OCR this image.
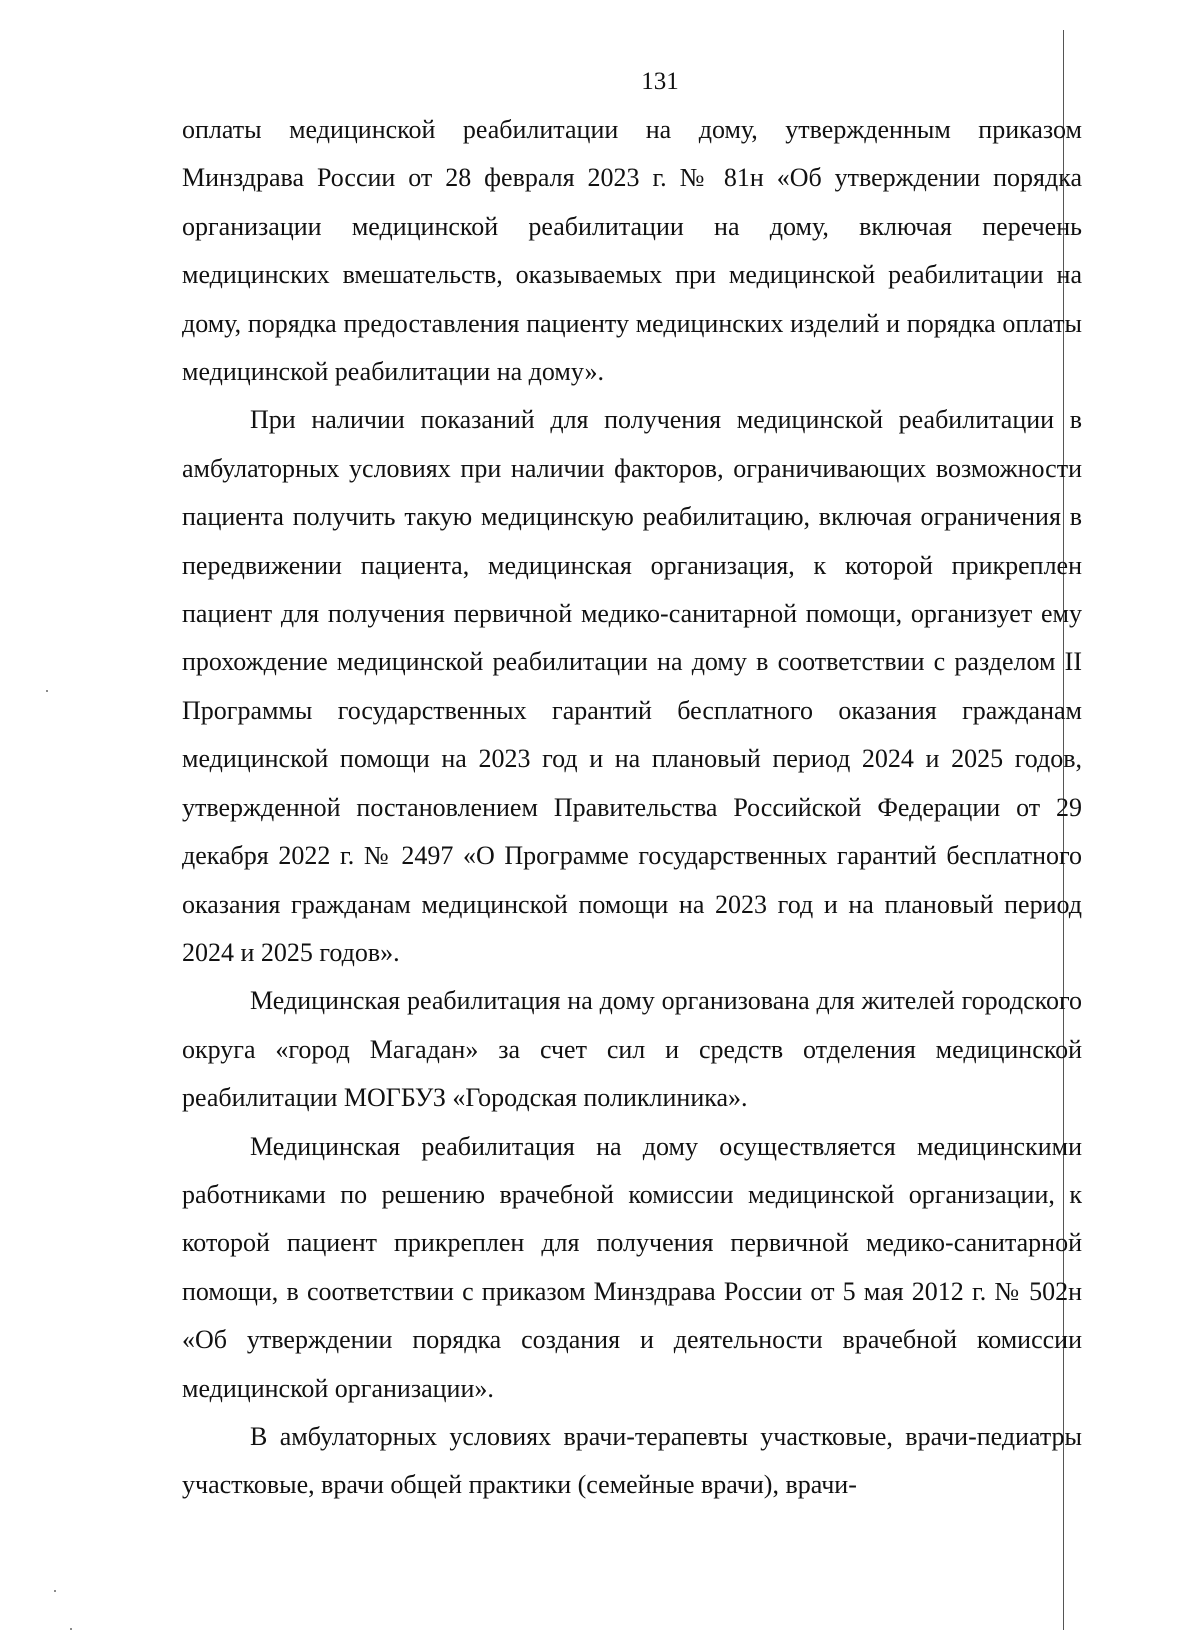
131

оплаты медицинской реабилитации на дому, утвержденным приказом Минздрава России от 28 февраля 2023 г. № 81н «Об утверждении порядка организации медицинской реабилитации на дому, включая перечень медицинских вмешательств, оказываемых при медицинской реабилитации на дому, порядка предоставления пациенту медицинских изделий и порядка оплаты медицинской реабилитации на дому».

При наличии показаний для получения медицинской реабилитации в амбулаторных условиях при наличии факторов, ограничивающих возможности пациента получить такую медицинскую реабилитацию, включая ограничения в передвижении пациента, медицинская организация, к которой прикреплен пациент для получения первичной медико-санитарной помощи, организует ему прохождение медицинской реабилитации на дому в соответствии с разделом II Программы государственных гарантий бесплатного оказания гражданам медицинской помощи на 2023 год и на плановый период 2024 и 2025 годов, утвержденной постановлением Правительства Российской Федерации от 29 декабря 2022 г. № 2497 «О Программе государственных гарантий бесплатного оказания гражданам медицинской помощи на 2023 год и на плановый период 2024 и 2025 годов».

Медицинская реабилитация на дому организована для жителей городского округа «город Магадан» за счет сил и средств отделения медицинской реабилитации МОГБУЗ «Городская поликлиника».

Медицинская реабилитация на дому осуществляется медицинскими работниками по решению врачебной комиссии медицинской организации, к которой пациент прикреплен для получения первичной медико-санитарной помощи, в соответствии с приказом Минздрава России от 5 мая 2012 г. № 502н «Об утверждении порядка создания и деятельности врачебной комиссии медицинской организации».

В амбулаторных условиях врачи-терапевты участковые, врачи-педиатры участковые, врачи общей практики (семейные врачи), врачи-
